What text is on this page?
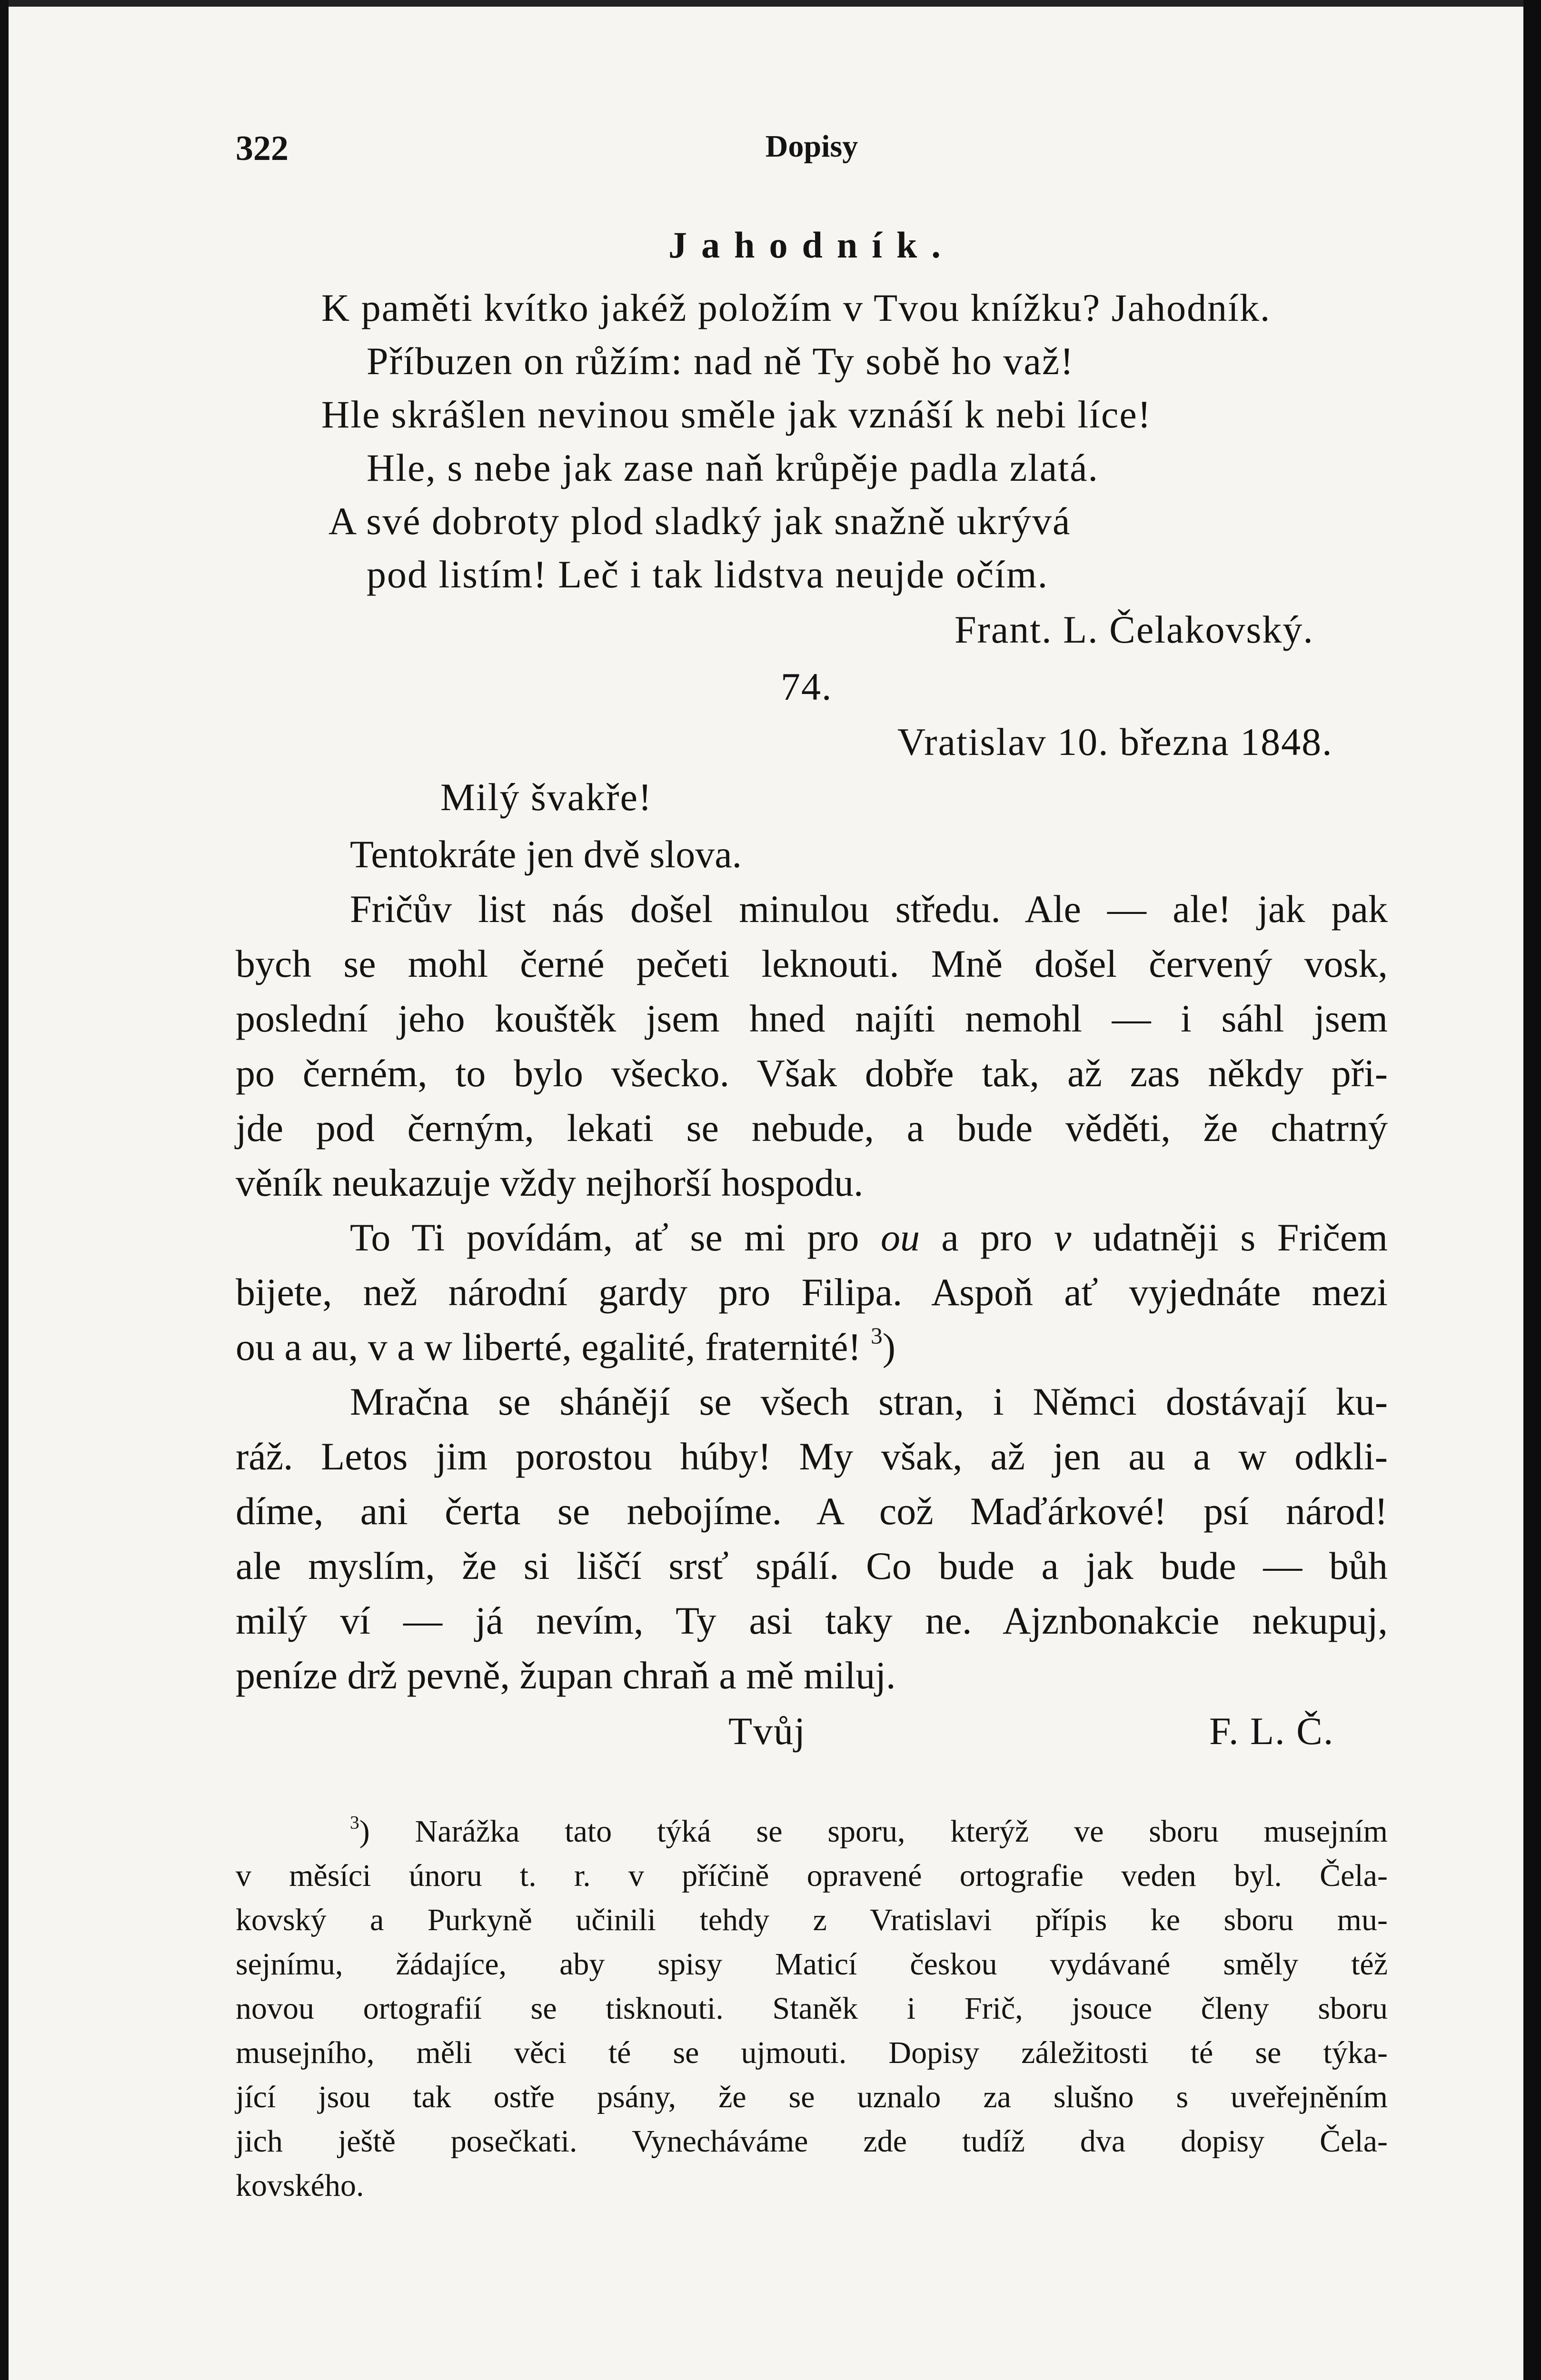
Dopisy
322
Jahodník.
K paměti kvítko jakéž položím v Tvou knížku? Jahodník.
Příbuzen on růžím: nad ně Ty sobě ho važ!
Hle skrášlen nevinou směle jak vznáší k nebi líce!
Hle, s nebe jak zase naň krůpěje padla zlatá.
A své dobroty plod sladký jak snažně ukrývá
pod listím! Leč i tak lidstva neujde očím.
Frant. L. Čelakovský.
74.
Vratislav 10. března 1848.
Milý švakře!
Tentokráte jen dvě slova.
Fričův list nás došel minulou středu. Ale — ale! jak pak
bych se mohl černé pečeti leknouti. Mně došel červený vosk,
poslední jeho kouštěk jsem hned najíti nemohl — i sáhl jsem
po černém, to bylo všecko. Však dobře tak, až zas někdy při-
jde pod černým, lekati se nebude, a bude věděti, že chatrný
věník neukazuje vždy nejhorší hospodu.
To Ti povídám, ať se mi pro ou a pro v udatněji s Fričem
bijete, než národní gardy pro Filipa. Aspoň ať vyjednáte mezi
ou a au, v a w liberté, egalité, fraternité! $^3$)
Mračna se shánějí se všech stran, i Němci dostávají ku-
ráž. Letos jim porostou húby! My však, až jen au a w odkli-
díme, ani čerta se nebojíme. A což Maďárkové! psí národ!
ale myslím, že si liščí srsť spálí. Co bude a jak bude — bůh
milý ví — já nevím, Ty asi taky ne. Ajznbonakcie nekupuj,
peníze drž pevně, župan chraň a mě miluj.
Tvůj	F. L. Č.
$^3$) Narážka tato týká se sporu, kterýž ve sboru musejním
v měsíci únoru t. r. v příčině opravené ortografie veden byl. Čela-
kovský a Purkyně učinili tehdy z Vratislavi přípis ke sboru mu-
sejnímu, žádajíce, aby spisy Maticí českou vydávané směly též
novou ortografií se tisknouti. Staněk i Frič, jsouce členy sboru
musejního, měli věci té se ujmouti. Dopisy záležitosti té se týka-
jící jsou tak ostře psány, že se uznalo za slušno s uveřejněním
jich ještě posečkati. Vynecháváme zde tudíž dva dopisy Čela-
kovského.
